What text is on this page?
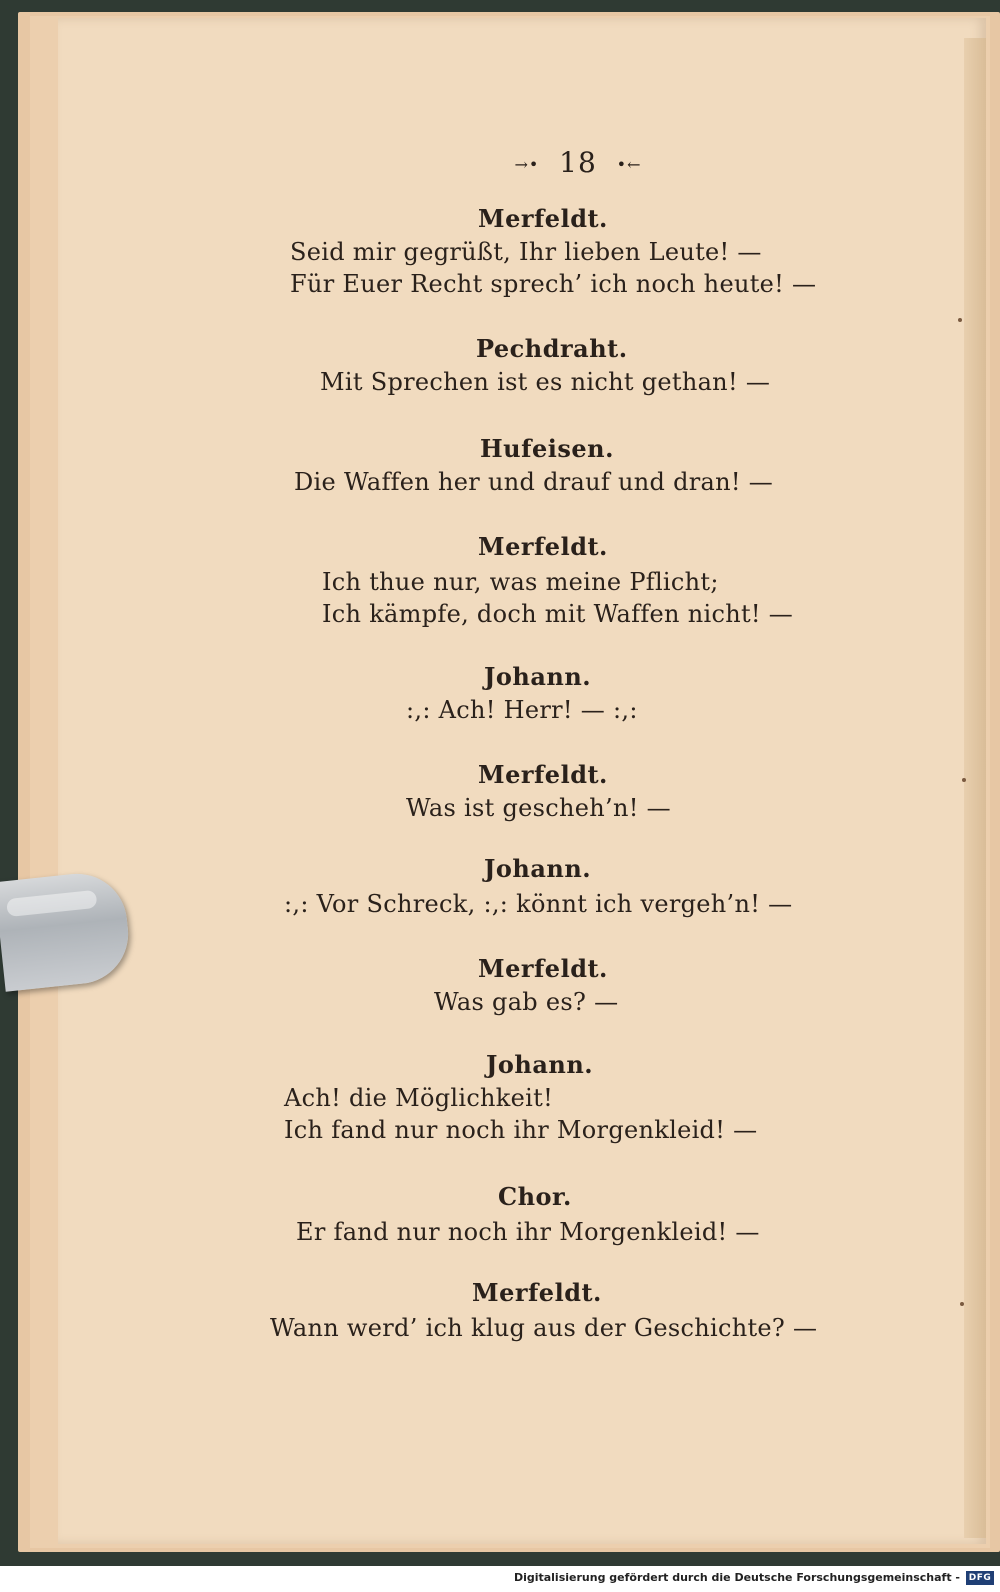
→• 18 •←
Merfeldt.
Seid mir gegrüßt, Ihr lieben Leute! —
Für Euer Recht sprech’ ich noch heute! —
Pechdraht.
Mit Sprechen ist es nicht gethan! —
Hufeisen.
Die Waffen her und drauf und dran! —
Merfeldt.
Ich thue nur, was meine Pflicht;
Ich kämpfe, doch mit Waffen nicht! —
Johann.
:,: Ach! Herr! — :,:
Merfeldt.
Was ist gescheh’n! —
Johann.
:,: Vor Schreck, :,: könnt ich vergeh’n! —
Merfeldt.
Was gab es? —
Johann.
Ach! die Möglichkeit!
Ich fand nur noch ihr Morgenkleid! —
Chor.
Er fand nur noch ihr Morgenkleid! —
Merfeldt.
Wann werd’ ich klug aus der Geschichte? —
Digitalisierung gefördert durch die Deutsche Forschungsgemeinschaft - DFG
